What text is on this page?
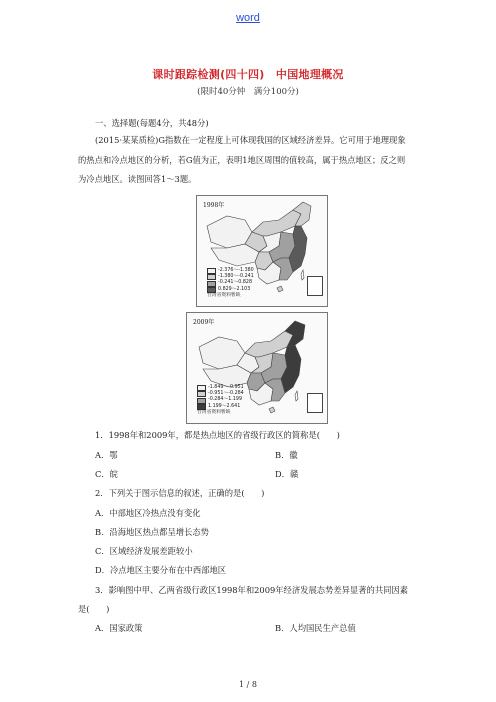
word
课时跟踪检测(四十四)　中国地理概况
(限时40分钟　满分100分)
一、选择题(每题4分，共48分)
(2015·某某质检)G指数在一定程度上可体现我国的区域经济差异。它可用于地理现象
的热点和冷点地区的分析，若G值为正，表明1地区周围的值较高，属于热点地区；反之则
为冷点地区。读图回答1～3题。
1998年
-2.376～-1.380
-1.380～-0.241
-0.241～0.828
0.829～2.103
台湾省资料暂缺
2009年
-1.849～-0.951
-0.951～-0.284
-0.284～1.199
1.199～2.641
台湾省资料暂缺
1．1998年和2009年，都是热点地区的省级行政区的简称是(　　)
A．鄂	B．徽
C．皖	D．赣
2．下列关于图示信息的叙述，正确的是(　　)
A．中部地区冷热点没有变化
B．沿海地区热点都呈增长态势
C．区域经济发展差距较小
D．冷点地区主要分布在中西部地区
3．影响图中甲、乙两省级行政区1998年和2009年经济发展态势差异显著的共同因素
是(　　)
A．国家政策	B．人均国民生产总值
1 / 8
